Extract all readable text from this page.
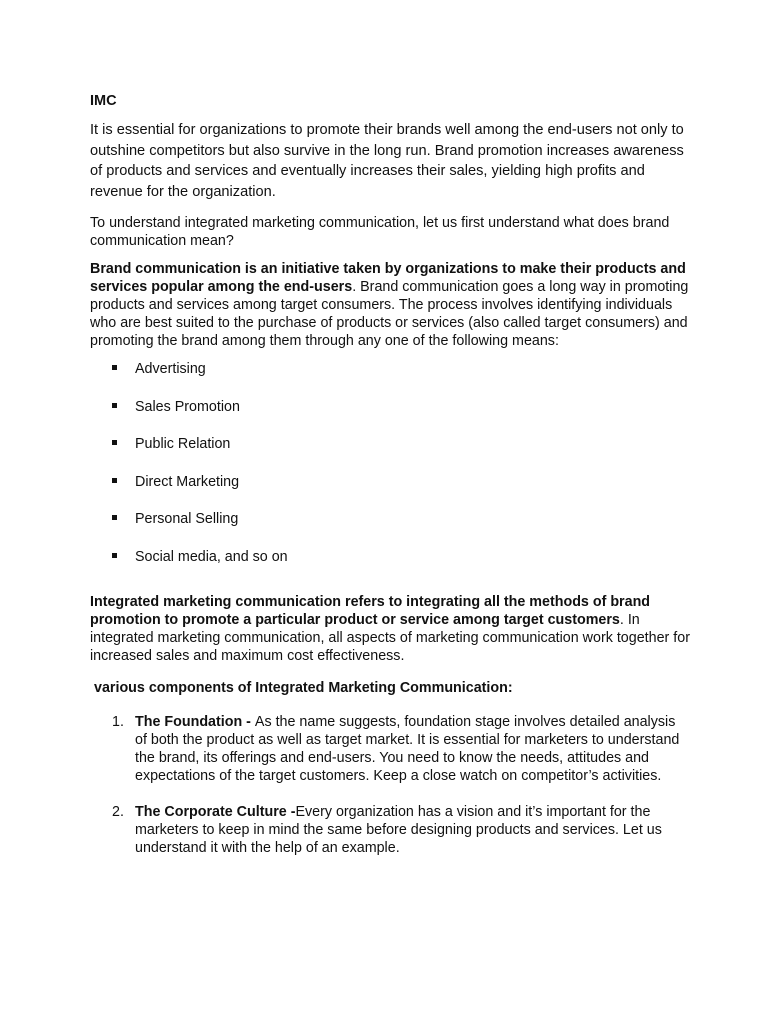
IMC

It is essential for organizations to promote their brands well among the end-users not only to outshine competitors but also survive in the long run. Brand promotion increases awareness of products and services and eventually increases their sales, yielding high profits and revenue for the organization.

To understand integrated marketing communication, let us first understand what does brand communication mean?

Brand communication is an initiative taken by organizations to make their products and services popular among the end-users. Brand communication goes a long way in promoting products and services among target consumers. The process involves identifying individuals who are best suited to the purchase of products or services (also called target consumers) and promoting the brand among them through any one of the following means:

Advertising
Sales Promotion
Public Relation
Direct Marketing
Personal Selling
Social media, and so on

Integrated marketing communication refers to integrating all the methods of brand promotion to promote a particular product or service among target customers. In integrated marketing communication, all aspects of marketing communication work together for increased sales and maximum cost effectiveness.

various components of Integrated Marketing Communication:
1. The Foundation - As the name suggests, foundation stage involves detailed analysis of both the product as well as target market. It is essential for marketers to understand the brand, its offerings and end-users. You need to know the needs, attitudes and expectations of the target customers. Keep a close watch on competitor’s activities.
2. The Corporate Culture -Every organization has a vision and it’s important for the marketers to keep in mind the same before designing products and services. Let us understand it with the help of an example.
